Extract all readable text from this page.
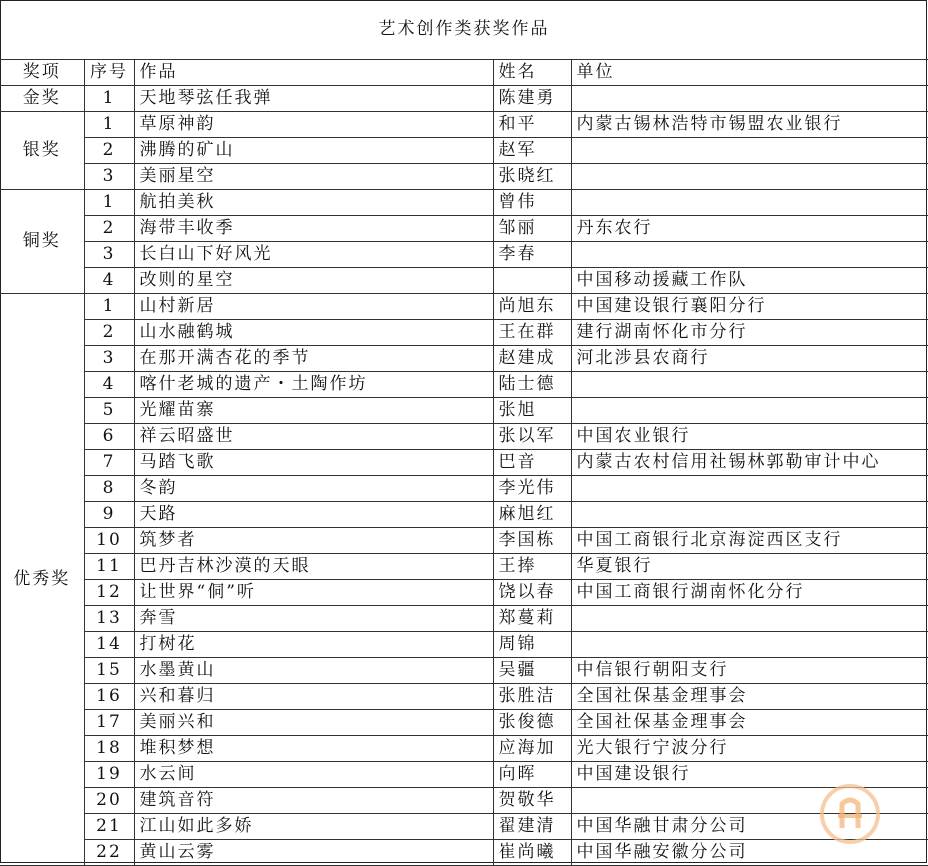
艺术创作类获奖作品
奖项	序号	作品	姓名	单位
金奖	1	天地琴弦任我弹	陈建勇	
银奖	1	草原神韵	和平	内蒙古锡林浩特市锡盟农业银行
	2	沸腾的矿山	赵军	
	3	美丽星空	张晓红	
铜奖	1	航拍美秋	曾伟	
	2	海带丰收季	邹丽	丹东农行
	3	长白山下好风光	李春	
	4	改则的星空		中国移动援藏工作队
优秀奖	1	山村新居	尚旭东	中国建设银行襄阳分行
	2	山水融鹤城	王在群	建行湖南怀化市分行
	3	在那开满杏花的季节	赵建成	河北涉县农商行
	4	喀什老城的遗产・土陶作坊	陆士德	
	5	光耀苗寨	张旭	
	6	祥云昭盛世	张以军	中国农业银行
	7	马踏飞歌	巴音	内蒙古农村信用社锡林郭勒审计中心
	8	冬韵	李光伟	
	9	天路	麻旭红	
	10	筑梦者	李国栋	中国工商银行北京海淀西区支行
	11	巴丹吉林沙漠的天眼	王捧	华夏银行
	12	让世界“侗”听	饶以春	中国工商银行湖南怀化分行
	13	奔雪	郑蔓莉	
	14	打树花	周锦	
	15	水墨黄山	吴疆	中信银行朝阳支行
	16	兴和暮归	张胜洁	全国社保基金理事会
	17	美丽兴和	张俊德	全国社保基金理事会
	18	堆积梦想	应海加	光大银行宁波分行
	19	水云间	向晖	中国建设银行
	20	建筑音符	贺敬华	
	21	江山如此多娇	翟建清	中国华融甘肃分公司
	22	黄山云雾	崔尚曦	中国华融安徽分公司
